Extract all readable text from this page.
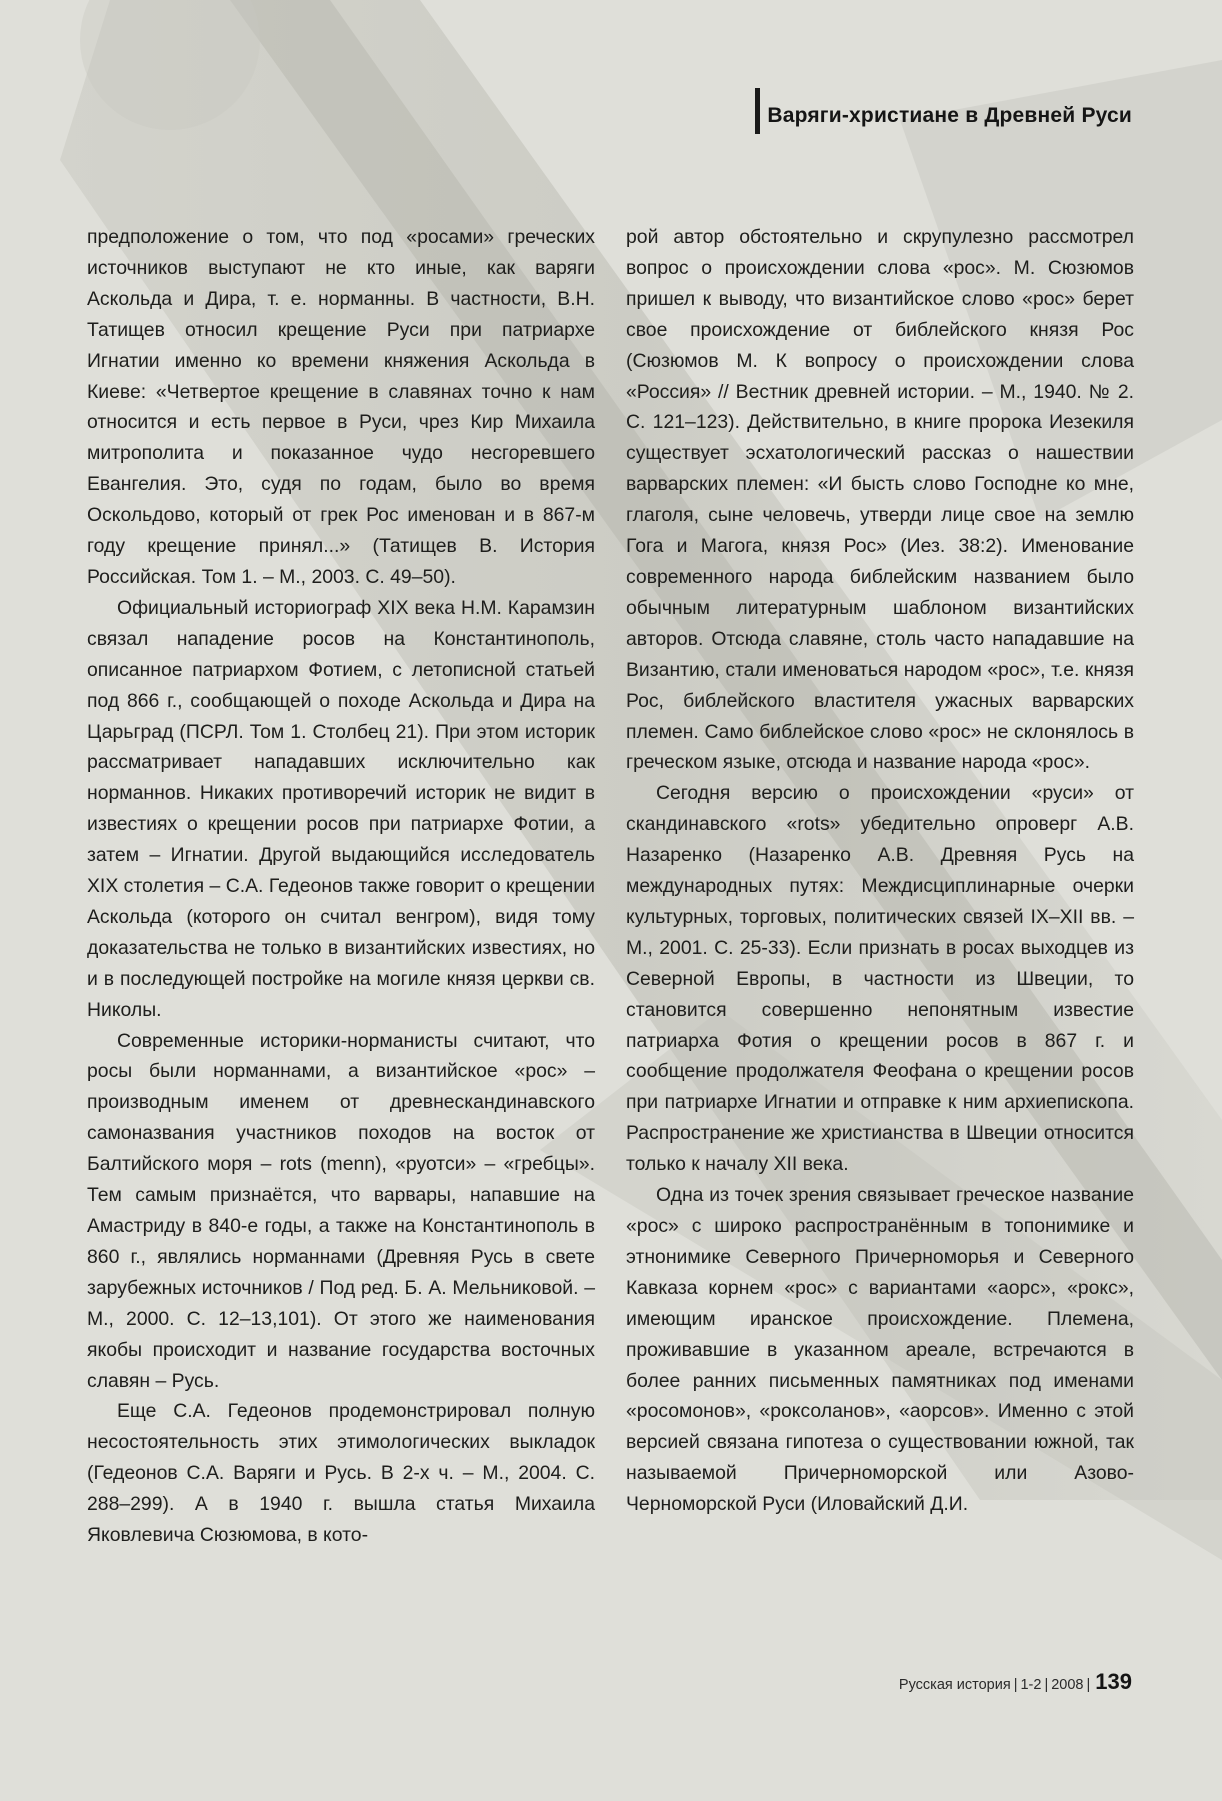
Варяги-христиане в Древней Руси

предположение о том, что под «росами» греческих источников выступают не кто иные, как варяги Аскольда и Дира, т. е. норманны. В частности, В.Н. Татищев относил крещение Руси при патриархе Игнатии именно ко времени княжения Аскольда в Киеве: «Четвертое крещение в славянах точно к нам относится и есть первое в Руси, чрез Кир Михаила митрополита и показанное чудо несгоревшего Евангелия. Это, судя по годам, было во время Оскольдово, который от грек Рос именован и в 867-м году крещение принял...» (Татищев В. История Российская. Том 1. – М., 2003. С. 49–50).

Официальный историограф XIX века Н.М. Карамзин связал нападение росов на Константинополь, описанное патриархом Фотием, с летописной статьей под 866 г., сообщающей о походе Аскольда и Дира на Царьград (ПСРЛ. Том 1. Столбец 21). При этом историк рассматривает нападавших исключительно как норманнов. Никаких противоречий историк не видит в известиях о крещении росов при патриархе Фотии, а затем – Игнатии. Другой выдающийся исследователь XIX столетия – С.А. Гедеонов также говорит о крещении Аскольда (которого он считал венгром), видя тому доказательства не только в византийских известиях, но и в последующей постройке на могиле князя церкви св. Николы.

Современные историки-норманисты считают, что росы были норманнами, а византийское «рос» – производным именем от древнескандинавского самоназвания участников походов на восток от Балтийского моря – rots (menn), «руотси» – «гребцы». Тем самым признаётся, что варвары, напавшие на Амастриду в 840-е годы, а также на Константинополь в 860 г., являлись норманнами (Древняя Русь в свете зарубежных источников / Под ред. Б. А. Мельниковой. – М., 2000. С. 12–13,101). От этого же наименования якобы происходит и название государства восточных славян – Русь.

Еще С.А. Гедеонов продемонстрировал полную несостоятельность этих этимологических выкладок (Гедеонов С.А. Варяги и Русь. В 2-х ч. – М., 2004. С. 288–299). А в 1940 г. вышла статья Михаила Яковлевича Сюзюмова, в кото-

рой автор обстоятельно и скрупулезно рассмотрел вопрос о происхождении слова «рос». М. Сюзюмов пришел к выводу, что византийское слово «рос» берет свое происхождение от библейского князя Рос (Сюзюмов М. К вопросу о происхождении слова «Россия» // Вестник древней истории. – М., 1940. № 2. С. 121–123). Действительно, в книге пророка Иезекиля существует эсхатологический рассказ о нашествии варварских племен: «И бысть слово Господне ко мне, глаголя, сыне человечь, утверди лице свое на землю Гога и Магога, князя Рос» (Иез. 38:2). Именование современного народа библейским названием было обычным литературным шаблоном византийских авторов. Отсюда славяне, столь часто нападавшие на Византию, стали именоваться народом «рос», т.е. князя Рос, библейского властителя ужасных варварских племен. Само библейское слово «рос» не склонялось в греческом языке, отсюда и название народа «рос».

Сегодня версию о происхождении «руси» от скандинавского «rots» убедительно опроверг А.В. Назаренко (Назаренко А.В. Древняя Русь на международных путях: Междисциплинарные очерки культурных, торговых, политических связей IX–XII вв. – М., 2001. С. 25-33). Если признать в росах выходцев из Северной Европы, в частности из Швеции, то становится совершенно непонятным известие патриарха Фотия о крещении росов в 867 г. и сообщение продолжателя Феофана о крещении росов при патриархе Игнатии и отправке к ним архиепископа. Распространение же христианства в Швеции относится только к началу XII века.

Одна из точек зрения связывает греческое название «рос» с широко распространённым в топонимике и этнонимике Северного Причерноморья и Северного Кавказа корнем «рос» с вариантами «аорс», «рокс», имеющим иранское происхождение. Племена, проживавшие в указанном ареале, встречаются в более ранних письменных памятниках под именами «росомонов», «роксоланов», «аорсов». Именно с этой версией связана гипотеза о существовании южной, так называемой Причерноморской или Азово-Черноморской Руси (Иловайский Д.И.

Русская история | 1-2 | 2008 | 139
